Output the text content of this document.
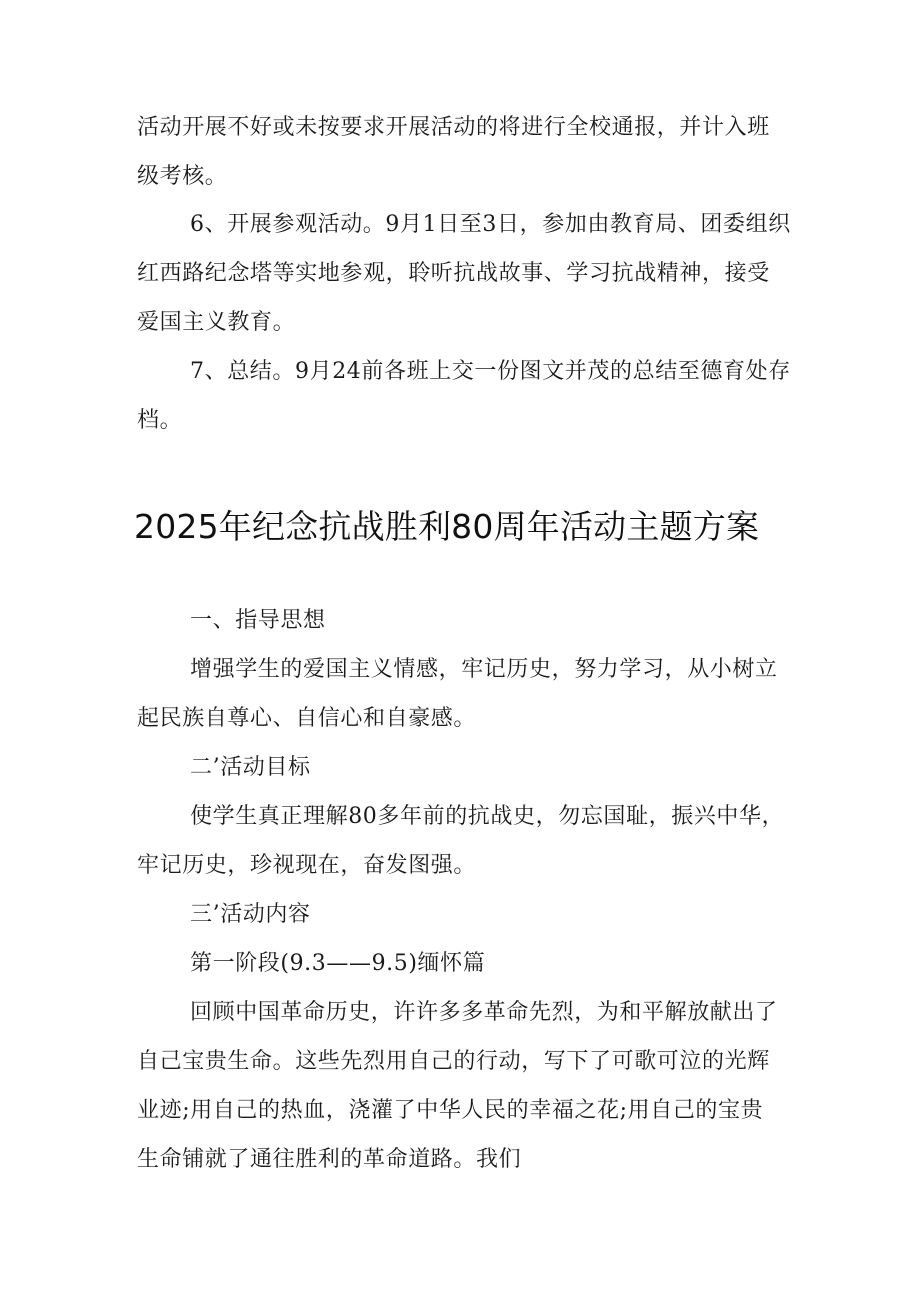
活动开展不好或未按要求开展活动的将进行全校通报，并计入班
级考核。
6、开展参观活动。9月1日至3日，参加由教育局、团委组织
红西路纪念塔等实地参观，聆听抗战故事、学习抗战精神，接受
爱国主义教育。
7、总结。9月24前各班上交一份图文并茂的总结至德育处存
档。
2025年纪念抗战胜利80周年活动主题方案
一、指导思想
增强学生的爱国主义情感，牢记历史，努力学习，从小树立
起民族自尊心、自信心和自豪感。
二’活动目标
使学生真正理解80多年前的抗战史，勿忘国耻，振兴中华，
牢记历史，珍视现在，奋发图强。
三’活动内容
第一阶段(9.3——9.5)缅怀篇
回顾中国革命历史，许许多多革命先烈，为和平解放献出了
自己宝贵生命。这些先烈用自己的行动，写下了可歌可泣的光辉
业迹;用自己的热血，浇灌了中华人民的幸福之花;用自己的宝贵
生命铺就了通往胜利的革命道路。我们
